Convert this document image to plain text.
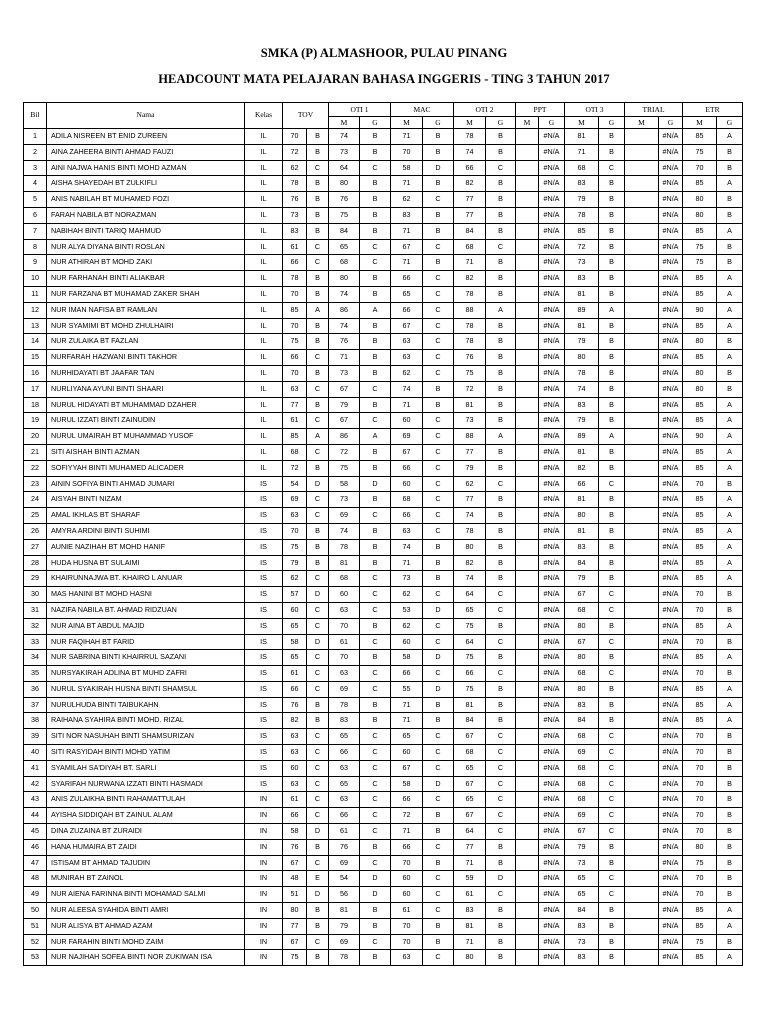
SMKA (P) ALMASHOOR, PULAU PINANG
HEADCOUNT MATA PELAJARAN BAHASA INGGERIS - TING 3 TAHUN 2017
Bil	Nama	Kelas	TOV		OTI 1		MAC		OTI 2		PPT		OTI 3		TRIAL		ETR	
					M	G	M	G	M	G	M	G	M	G	M	G	M	G
1	ADILA NISREEN BT ENID ZUREEN	IL	70	B	74	B	71	B	78	B		#N/A	81	B		#N/A	85	A
2	AINA ZAHEERA BINTI AHMAD FAUZI	IL	72	B	73	B	70	B	74	B		#N/A	71	B		#N/A	75	B
3	AINI NAJWA HANIS BINTI MOHD AZMAN	IL	62	C	64	C	58	D	66	C		#N/A	68	C		#N/A	70	B
4	AISHA SHAYEDAH BT ZULKIFLI	IL	78	B	80	B	71	B	82	B		#N/A	83	B		#N/A	85	A
5	ANIS NABILAH BT MUHAMED FOZI	IL	76	B	76	B	62	C	77	B		#N/A	79	B		#N/A	80	B
6	FARAH NABILA BT NORAZMAN	IL	73	B	75	B	83	B	77	B		#N/A	78	B		#N/A	80	B
7	NABIHAH BINTI TARIQ MAHMUD	IL	83	B	84	B	71	B	84	B		#N/A	85	B		#N/A	85	A
8	NUR ALYA DIYANA BINTI ROSLAN	IL	61	C	65	C	67	C	68	C		#N/A	72	B		#N/A	75	B
9	NUR ATHIRAH BT MOHD ZAKI	IL	66	C	68	C	71	B	71	B		#N/A	73	B		#N/A	75	B
10	NUR FARHANAH BINTI ALIAKBAR	IL	78	B	80	B	66	C	82	B		#N/A	83	B		#N/A	85	A
11	NUR FARZANA BT MUHAMAD ZAKER SHAH	IL	70	B	74	B	65	C	78	B		#N/A	81	B		#N/A	85	A
12	NUR IMAN NAFISA BT RAMLAN	IL	85	A	86	A	66	C	88	A		#N/A	89	A		#N/A	90	A
13	NUR SYAMIMI BT MOHD ZHULHAIRI	IL	70	B	74	B	67	C	78	B		#N/A	81	B		#N/A	85	A
14	NUR ZULAIKA BT FAZLAN	IL	75	B	76	B	63	C	78	B		#N/A	79	B		#N/A	80	B
15	NURFARAH HAZWANI BINTI TAKHOR	IL	66	C	71	B	63	C	76	B		#N/A	80	B		#N/A	85	A
16	NURHIDAYATI BT JAAFAR TAN	IL	70	B	73	B	62	C	75	B		#N/A	78	B		#N/A	80	B
17	NURLIYANA AYUNI BINTI SHAARI	IL	63	C	67	C	74	B	72	B		#N/A	74	B		#N/A	80	B
18	NURUL HIDAYATI BT MUHAMMAD DZAHER	IL	77	B	79	B	71	B	81	B		#N/A	83	B		#N/A	85	A
19	NURUL IZZATI BINTI ZAINUDIN	IL	61	C	67	C	60	C	73	B		#N/A	79	B		#N/A	85	A
20	NURUL UMAIRAH BT MUHAMMAD YUSOF	IL	85	A	86	A	69	C	88	A		#N/A	89	A		#N/A	90	A
21	SITI AISHAH BINTI AZMAN	IL	68	C	72	B	67	C	77	B		#N/A	81	B		#N/A	85	A
22	SOFIYYAH BINTI MUHAMED ALICADER	IL	72	B	75	B	66	C	79	B		#N/A	82	B		#N/A	85	A
23	AININ SOFIYA BINTI AHMAD JUMARI	IS	54	D	58	D	60	C	62	C		#N/A	66	C		#N/A	70	B
24	AISYAH BINTI NIZAM	IS	69	C	73	B	68	C	77	B		#N/A	81	B		#N/A	85	A
25	AMAL IKHLAS BT SHARAF	IS	63	C	69	C	66	C	74	B		#N/A	80	B		#N/A	85	A
26	AMYRA ARDINI BINTI SUHIMI	IS	70	B	74	B	63	C	78	B		#N/A	81	B		#N/A	85	A
27	AUNIE NAZIHAH BT MOHD HANIF	IS	75	B	78	B	74	B	80	B		#N/A	83	B		#N/A	85	A
28	HUDA HUSNA BT SULAIMI	IS	79	B	81	B	71	B	82	B		#N/A	84	B		#N/A	85	A
29	KHAIRUNNAJWA BT. KHAIRO L ANUAR	IS	62	C	68	C	73	B	74	B		#N/A	79	B		#N/A	85	A
30	MAS HANINI BT MOHD HASNI	IS	57	D	60	C	62	C	64	C		#N/A	67	C		#N/A	70	B
31	NAZIFA NABILA BT. AHMAD RIDZUAN	IS	60	C	63	C	53	D	65	C		#N/A	68	C		#N/A	70	B
32	NUR AINA BT ABDUL MAJID	IS	65	C	70	B	62	C	75	B		#N/A	80	B		#N/A	85	A
33	NUR FAQIHAH BT FARID	IS	58	D	61	C	60	C	64	C		#N/A	67	C		#N/A	70	B
34	NUR SABRINA BINTI KHAIRRUL SAZANI	IS	65	C	70	B	58	D	75	B		#N/A	80	B		#N/A	85	A
35	NURSYAKIRAH ADLINA BT MUHD ZAFRI	IS	61	C	63	C	66	C	66	C		#N/A	68	C		#N/A	70	B
36	NURUL SYAKIRAH HUSNA BINTI SHAMSUL	IS	66	C	69	C	55	D	75	B		#N/A	80	B		#N/A	85	A
37	NURULHUDA BINTI TAIBUKAHN	IS	76	B	78	B	71	B	81	B		#N/A	83	B		#N/A	85	A
38	RAIHANA SYAHIRA BINTI MOHD. RIZAL	IS	82	B	83	B	71	B	84	B		#N/A	84	B		#N/A	85	A
39	SITI NOR NASUHAH BINTI SHAMSURIZAN	IS	63	C	65	C	65	C	67	C		#N/A	68	C		#N/A	70	B
40	SITI RASYIDAH BINTI MOHD YATIM	IS	63	C	66	C	60	C	68	C		#N/A	69	C		#N/A	70	B
41	SYAMILAH SA'DIYAH BT. SARLI	IS	60	C	63	C	67	C	65	C		#N/A	68	C		#N/A	70	B
42	SYARIFAH NURWANA IZZATI BINTI HASMADI	IS	63	C	65	C	58	D	67	C		#N/A	68	C		#N/A	70	B
43	ANIS ZULAIKHA BINTI RAHAMATTULAH	IN	61	C	63	C	66	C	65	C		#N/A	68	C		#N/A	70	B
44	AYISHA SIDDIQAH BT ZAINUL ALAM	IN	66	C	66	C	72	B	67	C		#N/A	69	C		#N/A	70	B
45	DINA ZUZAINA BT ZURAIDI	IN	58	D	61	C	71	B	64	C		#N/A	67	C		#N/A	70	B
46	HANA HUMAIRA BT ZAIDI	IN	76	B	76	B	66	C	77	B		#N/A	79	B		#N/A	80	B
47	ISTISAM BT AHMAD TAJUDIN	IN	67	C	69	C	70	B	71	B		#N/A	73	B		#N/A	75	B
48	MUNIRAH BT ZAINOL	IN	48	E	54	D	60	C	59	D		#N/A	65	C		#N/A	70	B
49	NUR AIENA FARINNA BINTI MOHAMAD SALMI	IN	51	D	56	D	60	C	61	C		#N/A	65	C		#N/A	70	B
50	NUR ALEESA SYAHIDA BINTI AMRI	IN	80	B	81	B	61	C	83	B		#N/A	84	B		#N/A	85	A
51	NUR ALISYA BT AHMAD AZAM	IN	77	B	79	B	70	B	81	B		#N/A	83	B		#N/A	85	A
52	NUR FARAHIN BINTI MOHD ZAIM	IN	67	C	69	C	70	B	71	B		#N/A	73	B		#N/A	75	B
53	NUR NAJIHAH SOFEA BINTI NOR ZUKIWAN ISA	IN	75	B	78	B	63	C	80	B		#N/A	83	B		#N/A	85	A
